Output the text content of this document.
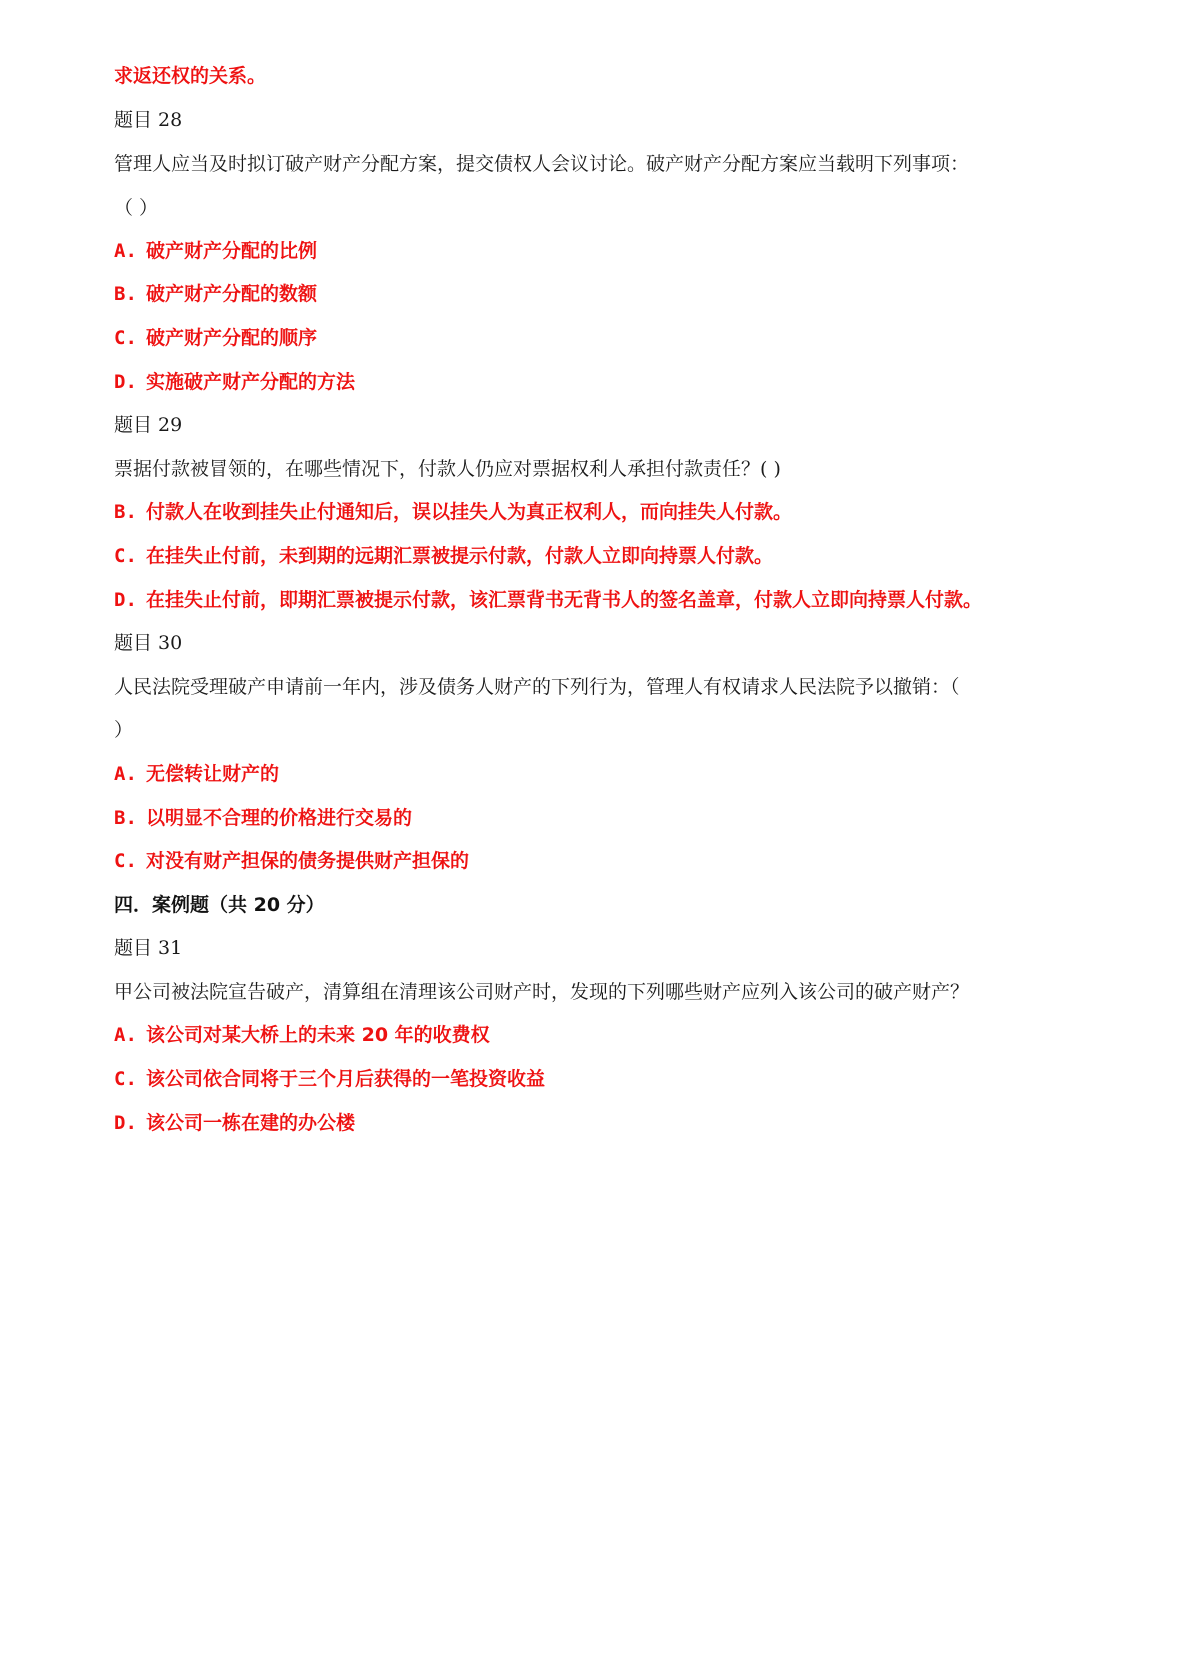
求返还权的关系。
题目 28
管理人应当及时拟订破产财产分配方案，提交债权人会议讨论。破产财产分配方案应当载明下列事项：
（ ）
A. 破产财产分配的比例
B. 破产财产分配的数额
C. 破产财产分配的顺序
D. 实施破产财产分配的方法
题目 29
票据付款被冒领的，在哪些情况下，付款人仍应对票据权利人承担付款责任？( )
B. 付款人在收到挂失止付通知后，误以挂失人为真正权利人，而向挂失人付款。
C. 在挂失止付前，未到期的远期汇票被提示付款，付款人立即向持票人付款。
D. 在挂失止付前，即期汇票被提示付款，该汇票背书无背书人的签名盖章，付款人立即向持票人付款。
题目 30
人民法院受理破产申请前一年内，涉及债务人财产的下列行为，管理人有权请求人民法院予以撤销：（
）
A. 无偿转让财产的
B. 以明显不合理的价格进行交易的
C. 对没有财产担保的债务提供财产担保的
四．案例题（共 20 分）
题目 31
甲公司被法院宣告破产，清算组在清理该公司财产时，发现的下列哪些财产应列入该公司的破产财产？
A. 该公司对某大桥上的未来 20 年的收费权
C. 该公司依合同将于三个月后获得的一笔投资收益
D. 该公司一栋在建的办公楼
